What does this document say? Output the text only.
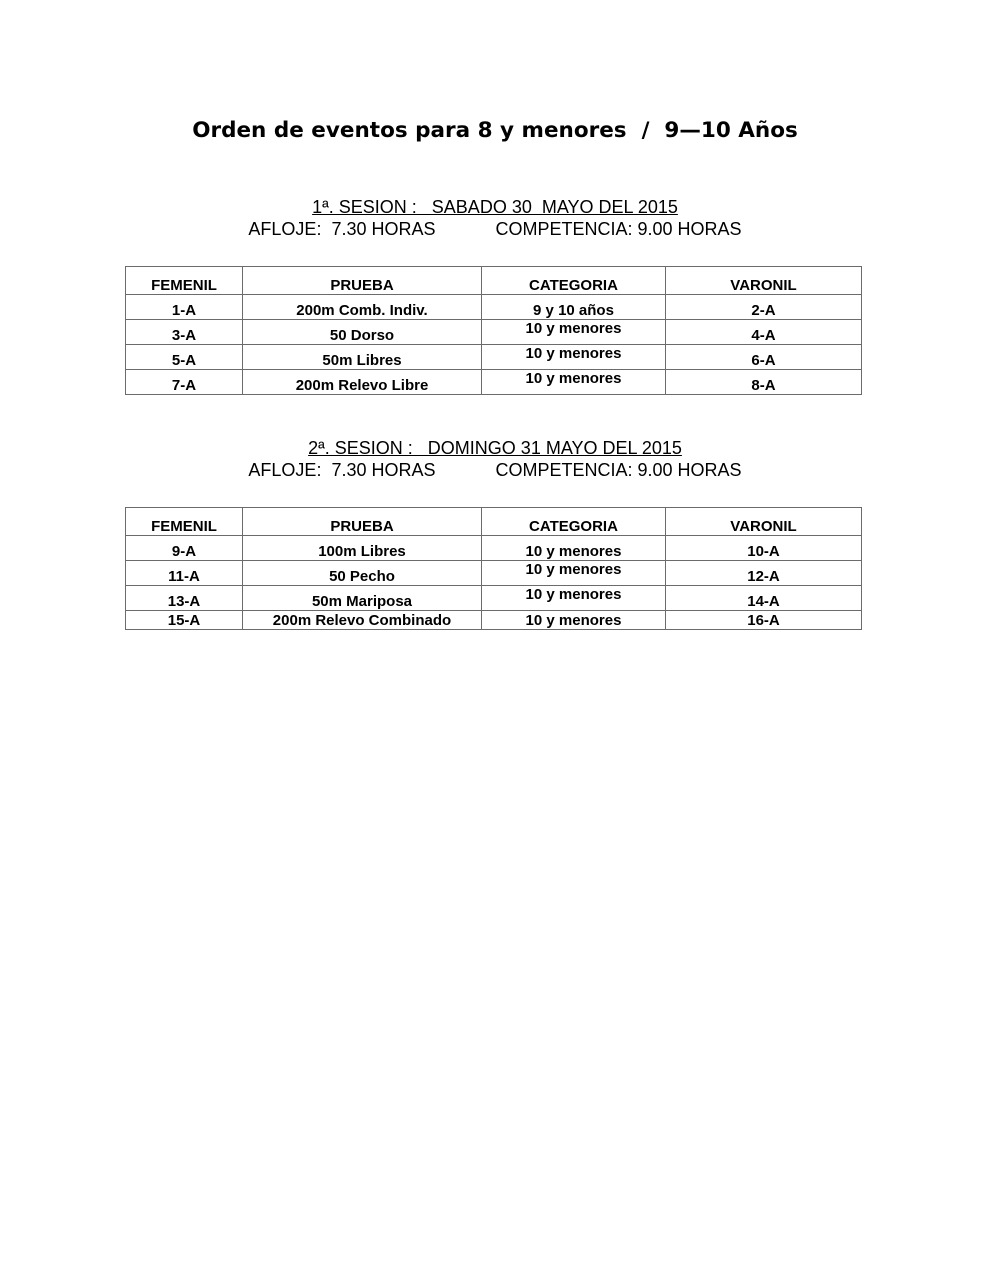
Orden de eventos para 8 y menores  /  9—10 Años
1ª. SESION :   SABADO 30  MAYO DEL 2015
AFLOJE:  7.30 HORAS	COMPETENCIA: 9.00 HORAS
FEMENIL	PRUEBA	CATEGORIA	VARONIL
1-A	200m Comb. Indiv.	9 y 10 años	2-A
3-A	50 Dorso	10 y menores	4-A
5-A	50m Libres	10 y menores	6-A
7-A	200m Relevo Libre	10 y menores	8-A
2ª. SESION :   DOMINGO 31 MAYO DEL 2015
AFLOJE:  7.30 HORAS	COMPETENCIA: 9.00 HORAS
FEMENIL	PRUEBA	CATEGORIA	VARONIL
9-A	100m Libres	10 y menores	10-A
11-A	50 Pecho	10 y menores	12-A
13-A	50m Mariposa	10 y menores	14-A
15-A	200m Relevo Combinado	10 y menores	16-A
